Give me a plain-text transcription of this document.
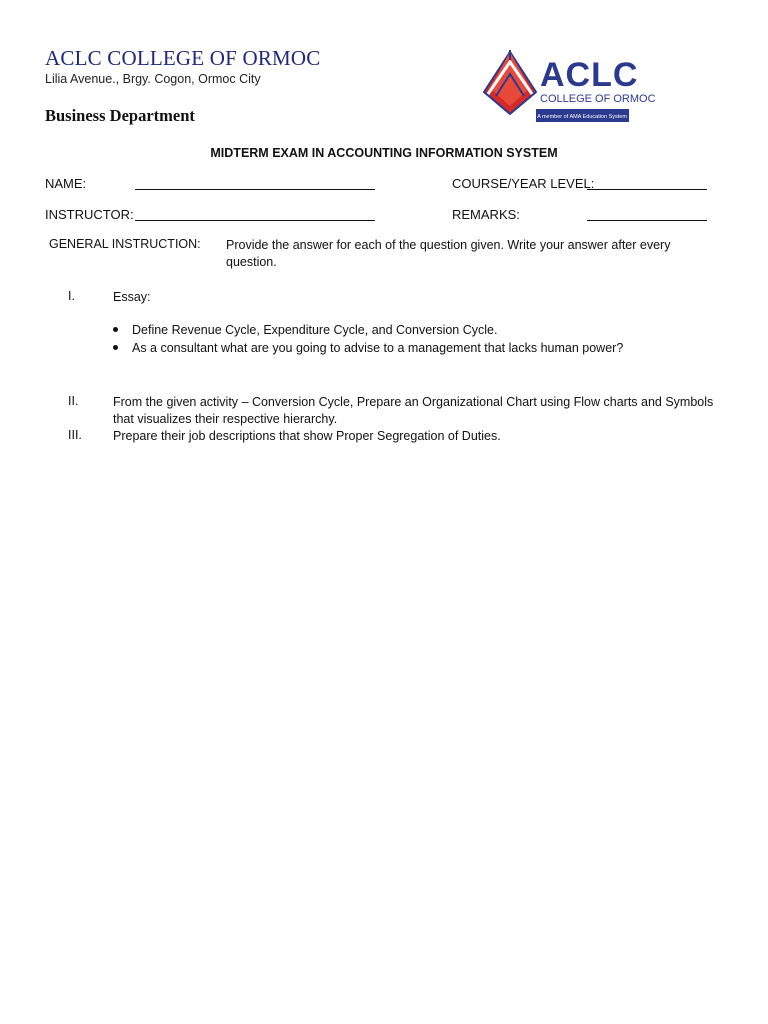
ACLC COLLEGE OF ORMOC
Lilia Avenue., Brgy. Cogon, Ormoc City
Business Department
ACLC
COLLEGE OF ORMOC
A member of AMA Education System
MIDTERM EXAM IN ACCOUNTING INFORMATION SYSTEM
NAME:	COURSE/YEAR LEVEL:
INSTRUCTOR:	REMARKS:
GENERAL INSTRUCTION: Provide the answer for each of the question given. Write your answer after every question.
I.	Essay:
Define Revenue Cycle, Expenditure Cycle, and Conversion Cycle.
As a consultant what are you going to advise to a management that lacks human power?
II.	From the given activity – Conversion Cycle, Prepare an Organizational Chart using Flow charts and Symbols that visualizes their respective hierarchy.
III. Prepare their job descriptions that show Proper Segregation of Duties.
